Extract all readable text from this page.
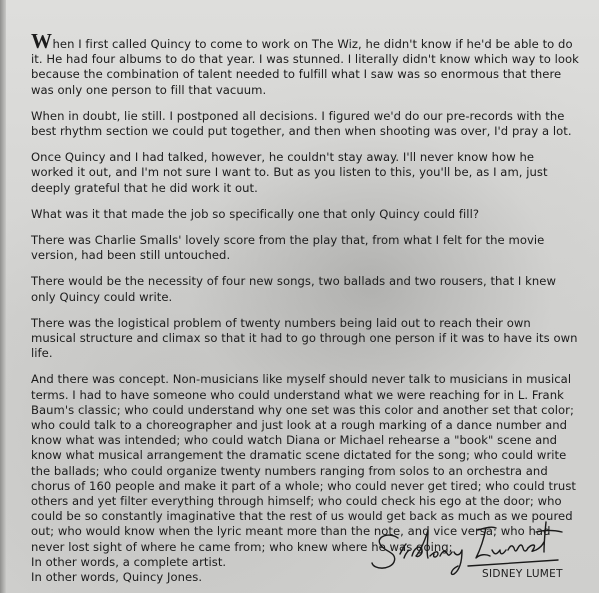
When I first called Quincy to come to work on The Wiz, he didn't know if he'd be able to do it. He had four albums to do that year. I was stunned. I literally didn't know which way to look because the combination of talent needed to fulfill what I saw was so enormous that there was only one person to fill that vacuum.

When in doubt, lie still. I postponed all decisions. I figured we'd do our pre-records with the best rhythm section we could put together, and then when shooting was over, I'd pray a lot.

Once Quincy and I had talked, however, he couldn't stay away. I'll never know how he worked it out, and I'm not sure I want to. But as you listen to this, you'll be, as I am, just deeply grateful that he did work it out.

What was it that made the job so specifically one that only Quincy could fill?

There was Charlie Smalls' lovely score from the play that, from what I felt for the movie version, had been still untouched.

There would be the necessity of four new songs, two ballads and two rousers, that I knew only Quincy could write.

There was the logistical problem of twenty numbers being laid out to reach their own musical structure and climax so that it had to go through one person if it was to have its own life.

And there was concept. Non-musicians like myself should never talk to musicians in musical terms. I had to have someone who could understand what we were reaching for in L. Frank Baum's classic; who could understand why one set was this color and another set that color; who could talk to a choreographer and just look at a rough marking of a dance number and know what was intended; who could watch Diana or Michael rehearse a "book" scene and know what musical arrangement the dramatic scene dictated for the song; who could write the ballads; who could organize twenty numbers ranging from solos to an orchestra and chorus of 160 people and make it part of a whole; who could never get tired; who could trust others and yet filter everything through himself; who could check his ego at the door; who could be so constantly imaginative that the rest of us would get back as much as we poured out; who would know when the lyric meant more than the note, and vice versa; who had never lost sight of where he came from; who knew where he was going;

In other words, a complete artist.

In other words, Quincy Jones.	SIDNEY LUMET
